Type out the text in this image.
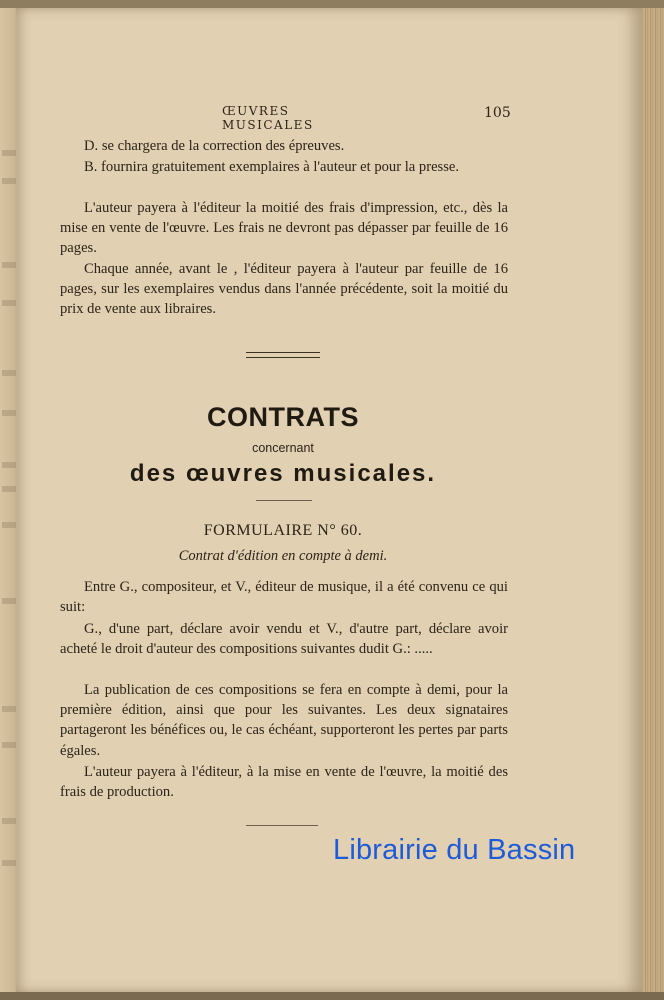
ŒUVRES MUSICALES
105
D. se chargera de la correction des épreuves.
B. fournira gratuitement exemplaires à l'auteur et pour la presse.
L'auteur payera à l'éditeur la moitié des frais d'impression, etc., dès la mise en vente de l'œuvre. Les frais ne devront pas dépasser par feuille de 16 pages.
Chaque année, avant le , l'éditeur payera à l'auteur par feuille de 16 pages, sur les exemplaires vendus dans l'année précédente, soit la moitié du prix de vente aux libraires.
CONTRATS
concernant
des œuvres musicales.
FORMULAIRE N° 60.
Contrat d'édition en compte à demi.
Entre G., compositeur, et V., éditeur de musique, il a été convenu ce qui suit:
G., d'une part, déclare avoir vendu et V., d'autre part, déclare avoir acheté le droit d'auteur des compositions suivantes dudit G.: .....
La publication de ces compositions se fera en compte à demi, pour la première édition, ainsi que pour les suivantes. Les deux signataires partageront les bénéfices ou, le cas échéant, supporteront les pertes par parts égales.
L'auteur payera à l'éditeur, à la mise en vente de l'œuvre, la moitié des frais de production.
Librairie du Bassin
